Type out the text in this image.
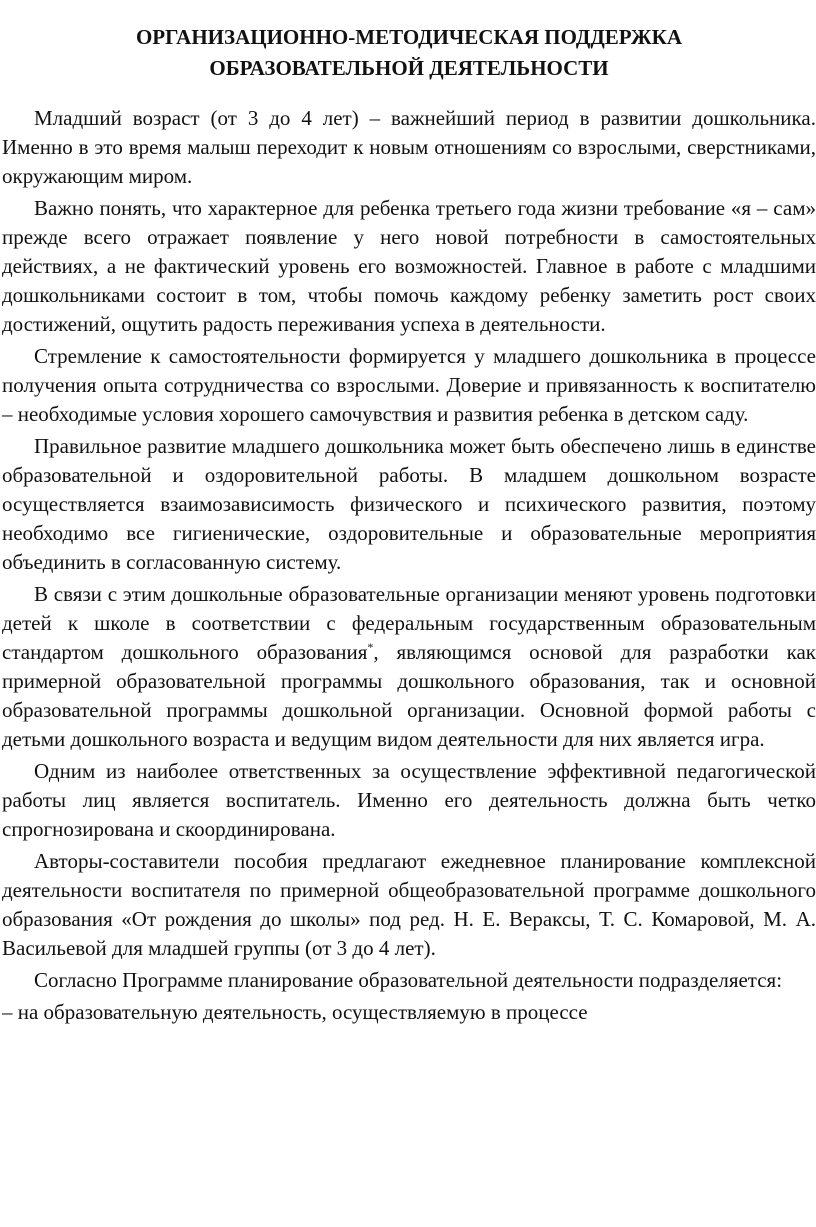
ОРГАНИЗАЦИОННО-МЕТОДИЧЕСКАЯ ПОДДЕРЖКА
ОБРАЗОВАТЕЛЬНОЙ ДЕЯТЕЛЬНОСТИ

Младший возраст (от 3 до 4 лет) – важнейший период в развитии дошкольника. Именно в это время малыш переходит к новым отношениям со взрослыми, сверстниками, окружающим миром.

Важно понять, что характерное для ребенка третьего года жизни требование «я – сам» прежде всего отражает появление у него новой потребности в самостоятельных действиях, а не фактический уровень его возможностей. Главное в работе с младшими дошкольниками состоит в том, чтобы помочь каждому ребенку заметить рост своих достижений, ощутить радость переживания успеха в деятельности.

Стремление к самостоятельности формируется у младшего дошкольника в процессе получения опыта сотрудничества со взрослыми. Доверие и привязанность к воспитателю – необходимые условия хорошего самочувствия и развития ребенка в детском саду.

Правильное развитие младшего дошкольника может быть обеспечено лишь в единстве образовательной и оздоровительной работы. В младшем дошкольном возрасте осуществляется взаимозависимость физического и психического развития, поэтому необходимо все гигиенические, оздоровительные и образовательные мероприятия объединить в согласованную систему.

В связи с этим дошкольные образовательные организации меняют уровень подготовки детей к школе в соответствии с федеральным государственным образовательным стандартом дошкольного образования*, являющимся основой для разработки как примерной образовательной программы дошкольного образования, так и основной образовательной программы дошкольной организации. Основной формой работы с детьми дошкольного возраста и ведущим видом деятельности для них является игра.

Одним из наиболее ответственных за осуществление эффективной педагогической работы лиц является воспитатель. Именно его деятельность должна быть четко спрогнозирована и скоординирована.

Авторы-составители пособия предлагают ежедневное планирование комплексной деятельности воспитателя по примерной общеобразовательной программе дошкольного образования «От рождения до школы» под ред. Н. Е. Вераксы, Т. С. Комаровой, М. А. Васильевой для младшей группы (от 3 до 4 лет).

Согласно Программе планирование образовательной деятельности подразделяется:

– на образовательную деятельность, осуществляемую в процессе
